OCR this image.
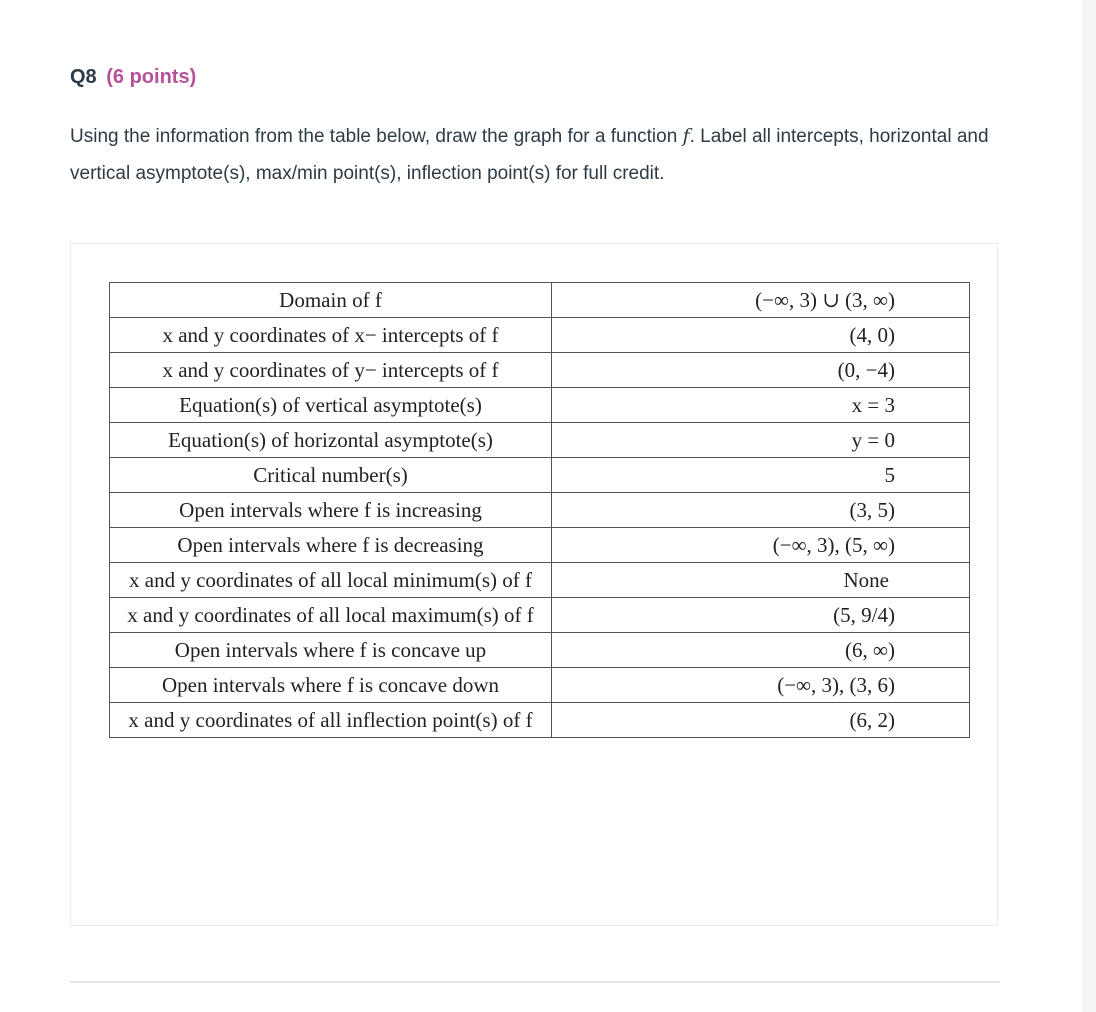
Q8 (6 points)
Using the information from the table below, draw the graph for a function f. Label all intercepts, horizontal and vertical asymptote(s), max/min point(s), inflection point(s) for full credit.
Domain of f	(−∞, 3) ∪ (3, ∞)
x and y coordinates of x− intercepts of f	(4, 0)
x and y coordinates of y− intercepts of f	(0, −4)
Equation(s) of vertical asymptote(s)	x = 3
Equation(s) of horizontal asymptote(s)	y = 0
Critical number(s)	5
Open intervals where f is increasing	(3, 5)
Open intervals where f is decreasing	(−∞, 3), (5, ∞)
x and y coordinates of all local minimum(s) of f	None
x and y coordinates of all local maximum(s) of f	(5, 9/4)
Open intervals where f is concave up	(6, ∞)
Open intervals where f is concave down	(−∞, 3), (3, 6)
x and y coordinates of all inflection point(s) of f	(6, 2)
